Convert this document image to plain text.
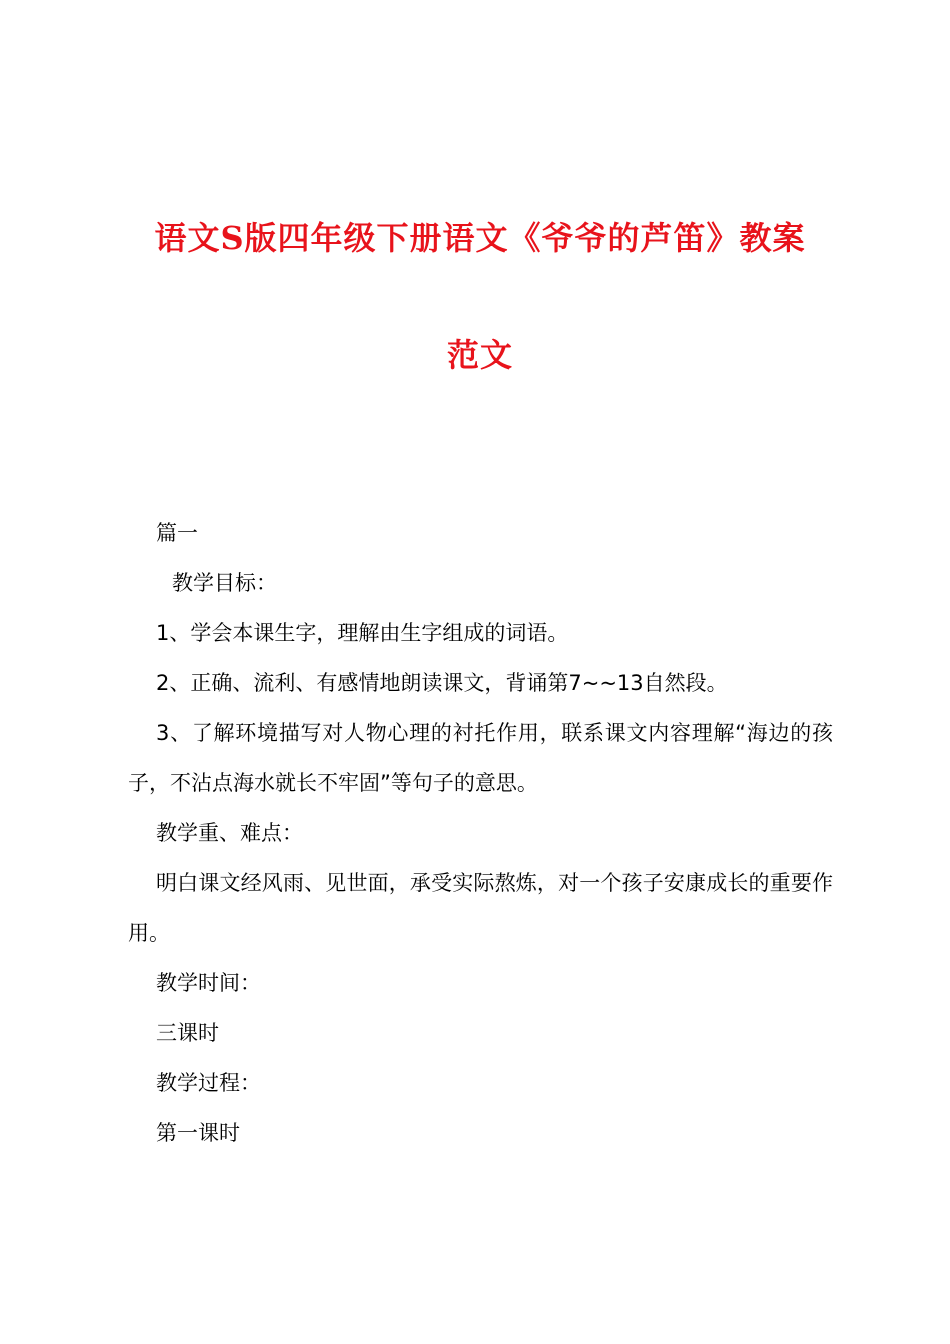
语文S版四年级下册语文《爷爷的芦笛》教案
范文

篇一

教学目标：

1、学会本课生字，理解由生字组成的词语。

2、正确、流利、有感情地朗读课文，背诵第7~~13自然段。

3、了解环境描写对人物心理的衬托作用，联系课文内容理解“海边的孩子，不沾点海水就长不牢固”等句子的意思。

教学重、难点：

明白课文经风雨、见世面，承受实际熬炼，对一个孩子安康成长的重要作用。

教学时间：

三课时

教学过程：

第一课时
